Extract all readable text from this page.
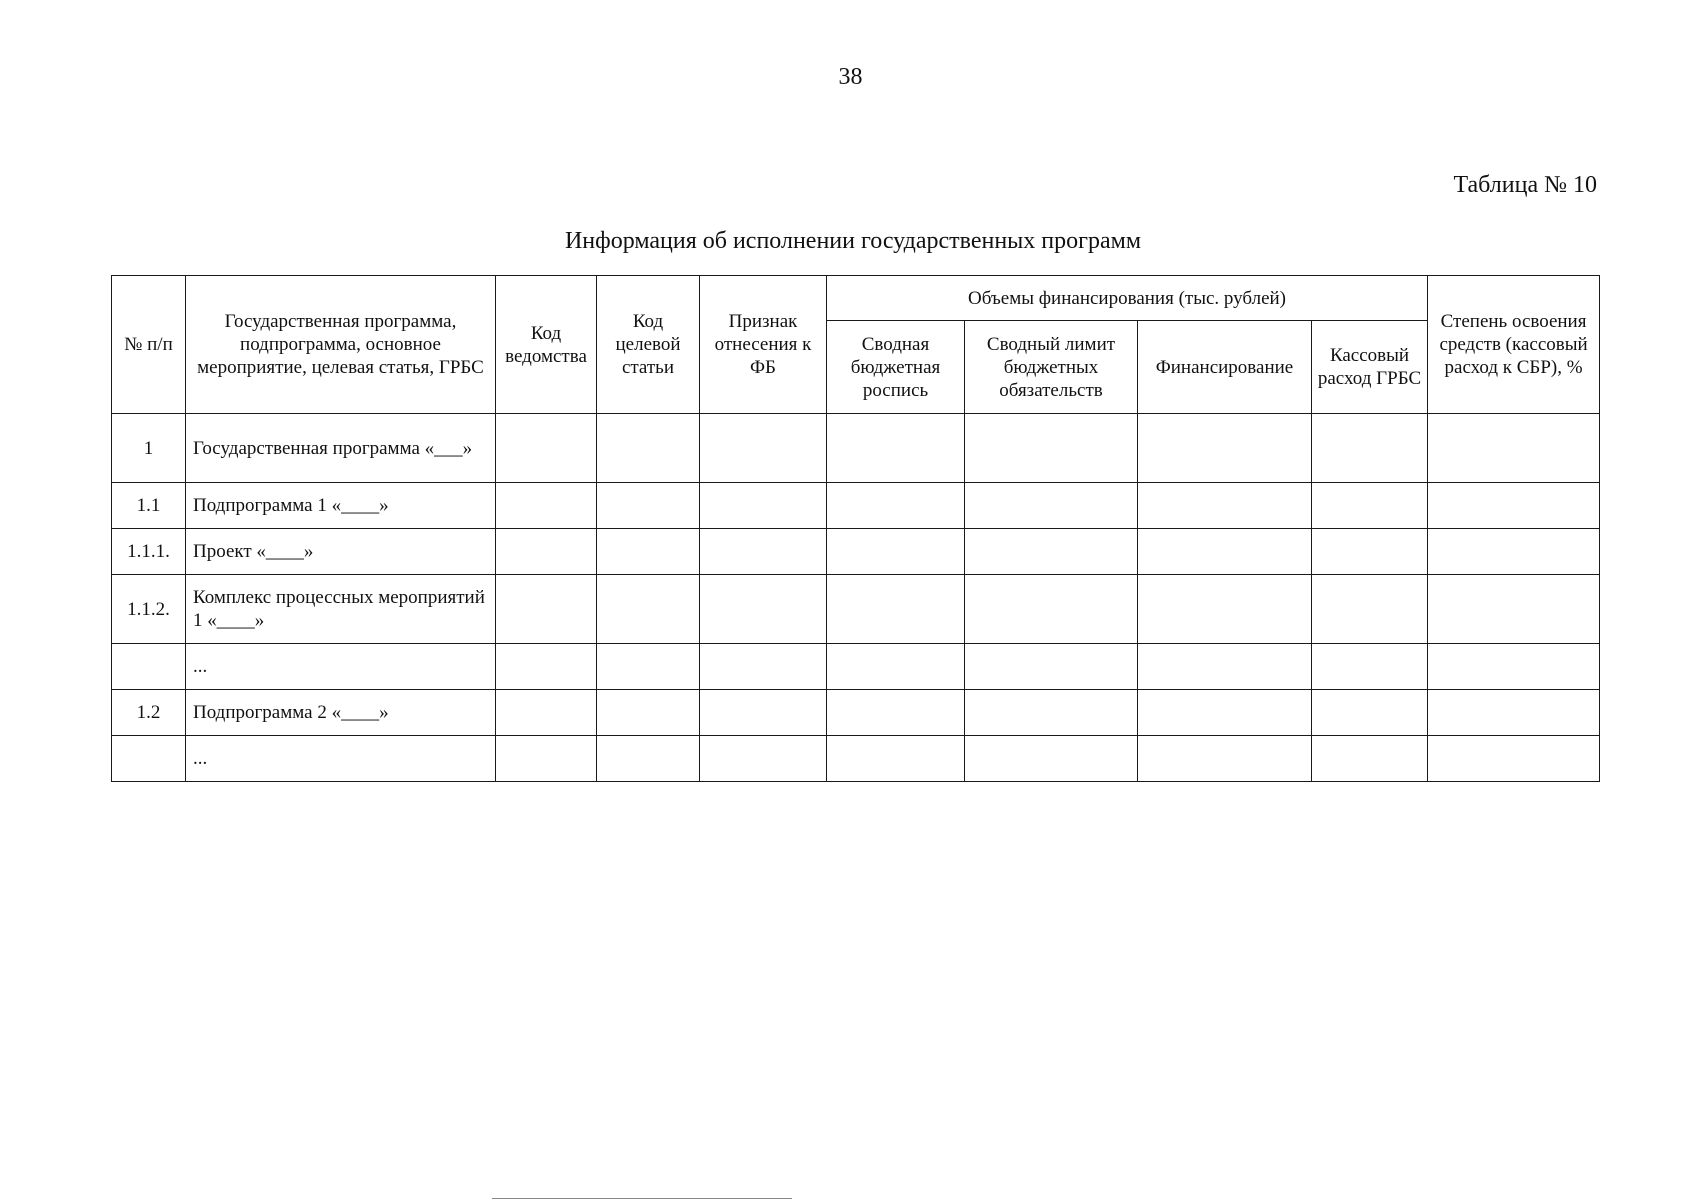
38
Таблица № 10
Информация об исполнении государственных программ
№ п/п	Государственная программа, подпрограмма, основное мероприятие, целевая статья, ГРБС	Код ведомства	Код целевой статьи	Признак отнесения к ФБ	Объемы финансирования (тыс. рублей)				Степень освоения средств (кассовый расход к СБР), %
					Сводная бюджетная роспись	Сводный лимит бюджетных обязательств	Финансирование	Кассовый расход ГРБС	
1	Государственная программа «___»								
1.1	Подпрограмма 1 «____»								
1.1.1.	Проект «____»								
1.1.2.	Комплекс процессных мероприятий 1 «____»								
	...								
1.2	Подпрограмма 2 «____»								
	...								
